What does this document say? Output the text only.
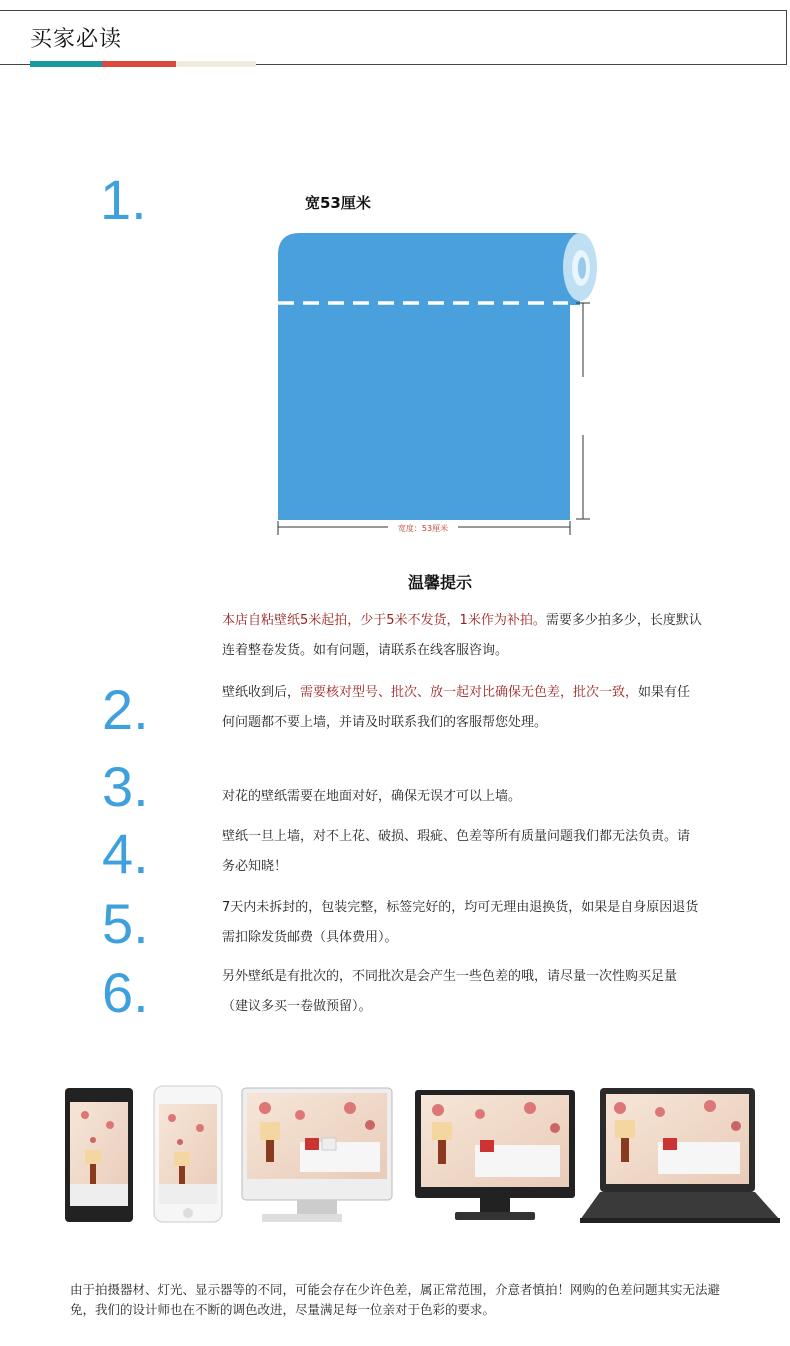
买家必读
1.	宽53厘米
宽度：53厘米
温馨提示
本店自粘壁纸5米起拍，少于5米不发货，1米作为补拍。需要多少拍多少，长度默认连着整卷发货。如有问题，请联系在线客服咨询。
2.	壁纸收到后，需要核对型号、批次、放一起对比确保无色差，批次一致，如果有任何问题都不要上墙，并请及时联系我们的客服帮您处理。
3.	对花的壁纸需要在地面对好，确保无误才可以上墙。
4.	壁纸一旦上墙，对不上花、破损、瑕疵、色差等所有质量问题我们都无法负责。请务必知晓！
5.	7天内未拆封的，包装完整，标签完好的，均可无理由退换货，如果是自身原因退货需扣除发货邮费（具体费用）。
6.	另外壁纸是有批次的，不同批次是会产生一些色差的哦，请尽量一次性购买足量（建议多买一卷做预留）。
由于拍摄器材、灯光、显示器等的不同，可能会存在少许色差，属正常范围，介意者慎拍！网购的色差问题其实无法避免，我们的设计师也在不断的调色改进，尽量满足每一位亲对于色彩的要求。
